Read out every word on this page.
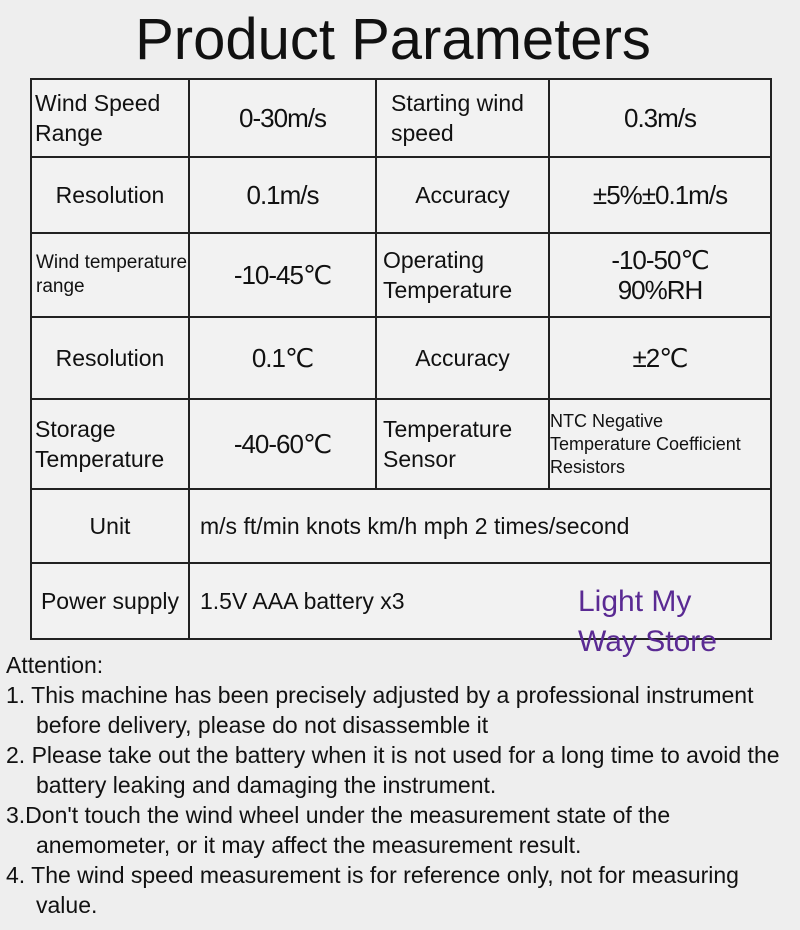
Product Parameters
Wind Speed Range	0-30m/s	Starting wind speed	0.3m/s

Resolution	0.1m/s	Accuracy	±5%±0.1m/s

Wind temperature range	-10-45℃	Operating Temperature	-10-50℃ 90%RH

Resolution	0.1℃	Accuracy	±2℃

Storage Temperature	-40-60℃	Temperature Sensor	NTC Negative Temperature Coefficient Resistors

Unit	m/s ft/min knots km/h mph 2 times/second		

Power supply	1.5V AAA battery x3 Light My Way Store		

Attention:

1. This machine has been precisely adjusted by a professional instrument before delivery, please do not disassemble it

2. Please take out the battery when it is not used for a long time to avoid the battery leaking and damaging the instrument.

3.Don't touch the wind wheel under the measurement state of the anemometer, or it may affect the measurement result.

4. The wind speed measurement is for reference only, not for measuring value.
